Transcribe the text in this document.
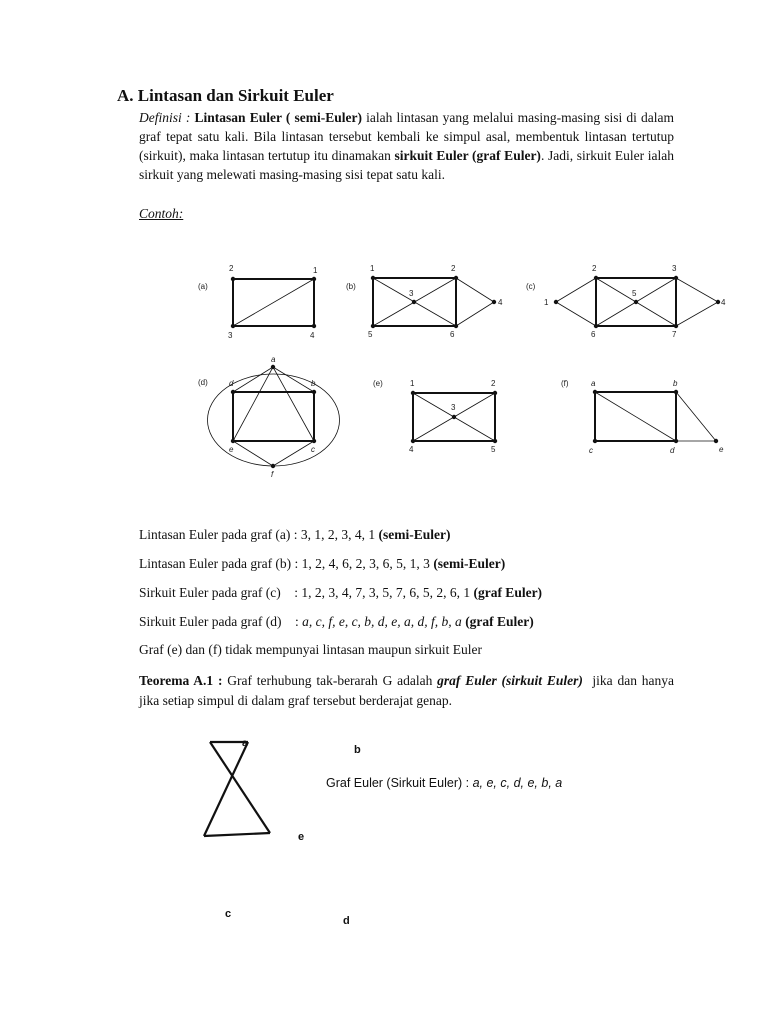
A. Lintasan dan Sirkuit Euler
Definisi : Lintasan Euler ( semi-Euler) ialah lintasan yang melalui masing-masing sisi di dalam graf tepat satu kali. Bila lintasan tersebut kembali ke simpul asal, membentuk lintasan tertutup (sirkuit), maka lintasan tertutup itu dinamakan sirkuit Euler (graf Euler). Jadi, sirkuit Euler ialah sirkuit yang melewati masing-masing sisi tepat satu kali.
Contoh:
(a)	(b)	(c)
(d)	(e)	(f)
2	1
3	4
1	2
3
4
5	6
1
2	3
4
5
6	7
a
b
c
d
e
f
1	2
3
4	5
a	b
c	d	e
Lintasan Euler pada graf (a) : 3, 1, 2, 3, 4, 1 (semi-Euler)
Lintasan Euler pada graf (b) : 1, 2, 4, 6, 2, 3, 6, 5, 1, 3 (semi-Euler)
Sirkuit Euler pada graf (c)    : 1, 2, 3, 4, 7, 3, 5, 7, 6, 5, 2, 6, 1 (graf Euler)
Sirkuit Euler pada graf (d)    : a, c, f, e, c, b, d, e, a, d, f, b, a (graf Euler)
Graf (e) dan (f) tidak mempunyai lintasan maupun sirkuit Euler
Teorema A.1 : Graf terhubung tak-berarah G adalah graf Euler (sirkuit Euler)  jika dan hanya jika setiap simpul di dalam graf tersebut berderajat genap.
a
b
e
c
d
Graf Euler (Sirkuit Euler) : a, e, c, d, e, b, a
